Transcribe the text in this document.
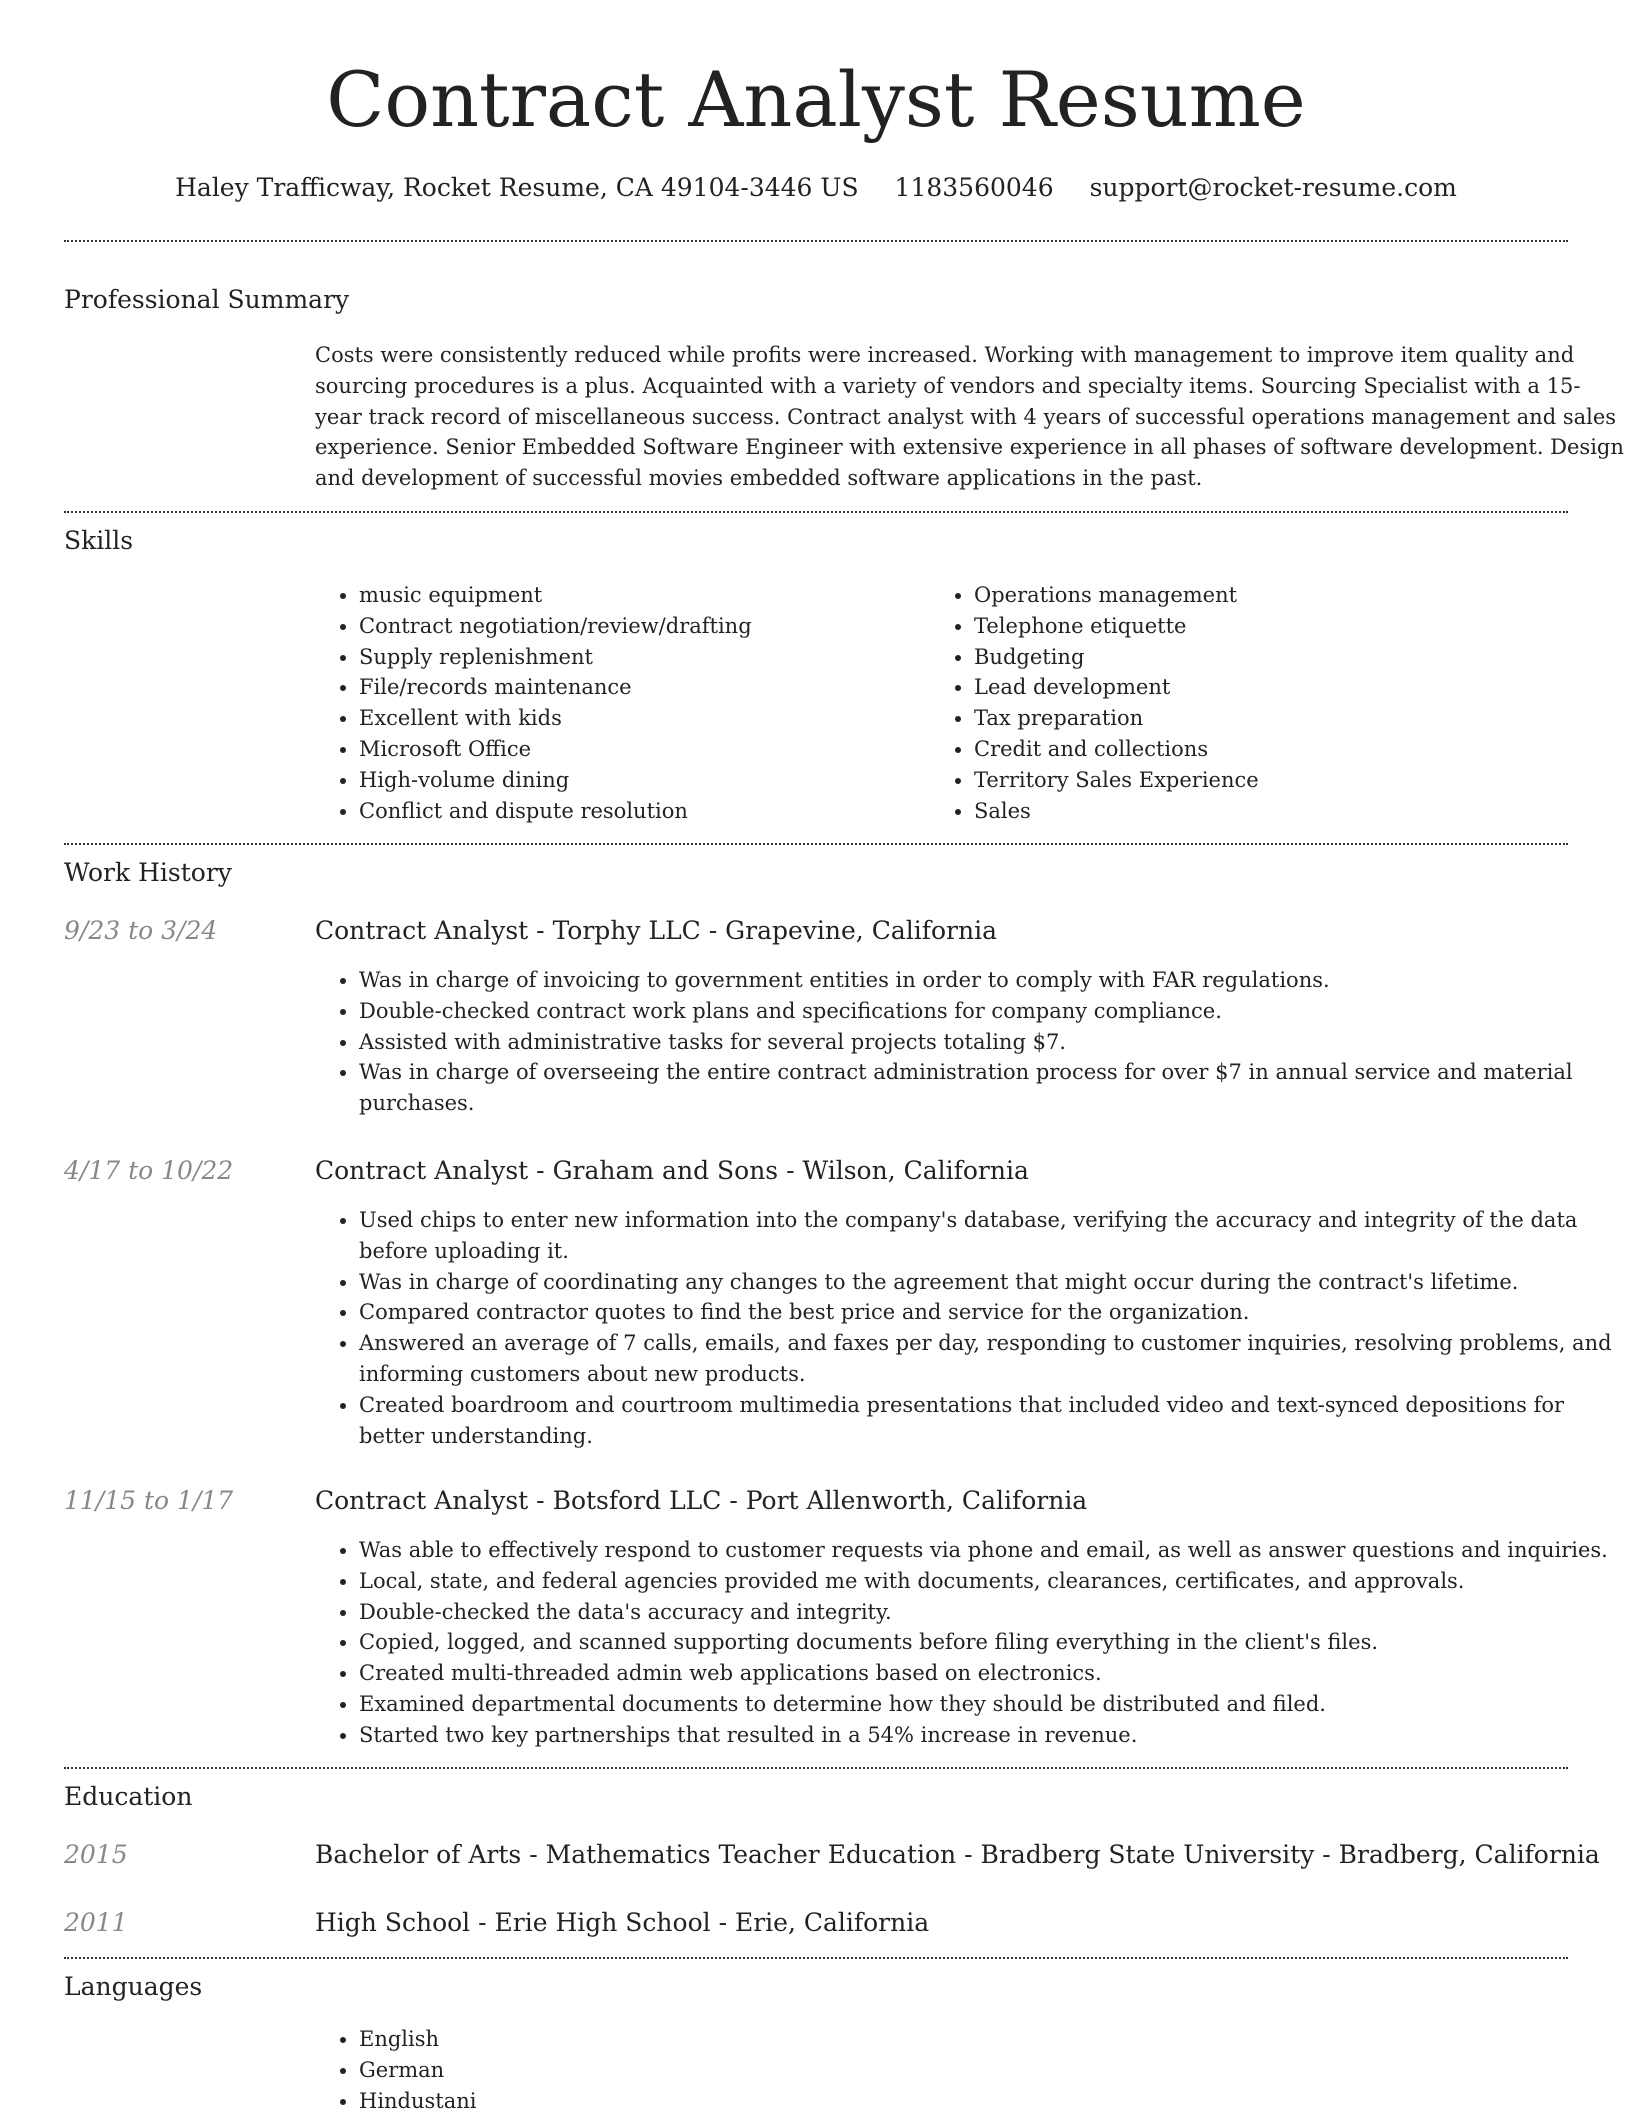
Contract Analyst Resume
Haley Trafficway, Rocket Resume, CA 49104-3446 US 1183560046 support@rocket-resume.com
Professional Summary
Costs were consistently reduced while profits were increased. Working with management to improve item quality and sourcing procedures is a plus. Acquainted with a variety of vendors and specialty items. Sourcing Specialist with a 15-year track record of miscellaneous success. Contract analyst with 4 years of successful operations management and sales experience. Senior Embedded Software Engineer with extensive experience in all phases of software development. Design and development of successful movies embedded software applications in the past.
Skills
• music equipment
• Contract negotiation/review/drafting
• Supply replenishment
• File/records maintenance
• Excellent with kids
• Microsoft Office
• High-volume dining
• Conflict and dispute resolution
• Operations management
• Telephone etiquette
• Budgeting
• Lead development
• Tax preparation
• Credit and collections
• Territory Sales Experience
• Sales
Work History
9/23 to 3/24	Contract Analyst - Torphy LLC - Grapevine, California
• Was in charge of invoicing to government entities in order to comply with FAR regulations.
• Double-checked contract work plans and specifications for company compliance.
• Assisted with administrative tasks for several projects totaling $7.
• Was in charge of overseeing the entire contract administration process for over $7 in annual service and material purchases.
4/17 to 10/22	Contract Analyst - Graham and Sons - Wilson, California
• Used chips to enter new information into the company's database, verifying the accuracy and integrity of the data before uploading it.
• Was in charge of coordinating any changes to the agreement that might occur during the contract's lifetime.
• Compared contractor quotes to find the best price and service for the organization.
• Answered an average of 7 calls, emails, and faxes per day, responding to customer inquiries, resolving problems, and informing customers about new products.
• Created boardroom and courtroom multimedia presentations that included video and text-synced depositions for better understanding.
11/15 to 1/17	Contract Analyst - Botsford LLC - Port Allenworth, California
• Was able to effectively respond to customer requests via phone and email, as well as answer questions and inquiries.
• Local, state, and federal agencies provided me with documents, clearances, certificates, and approvals.
• Double-checked the data's accuracy and integrity.
• Copied, logged, and scanned supporting documents before filing everything in the client's files.
• Created multi-threaded admin web applications based on electronics.
• Examined departmental documents to determine how they should be distributed and filed.
• Started two key partnerships that resulted in a 54% increase in revenue.
Education
2015	Bachelor of Arts - Mathematics Teacher Education - Bradberg State University - Bradberg, California
2011	High School - Erie High School - Erie, California
Languages
• English
• German
• Hindustani
